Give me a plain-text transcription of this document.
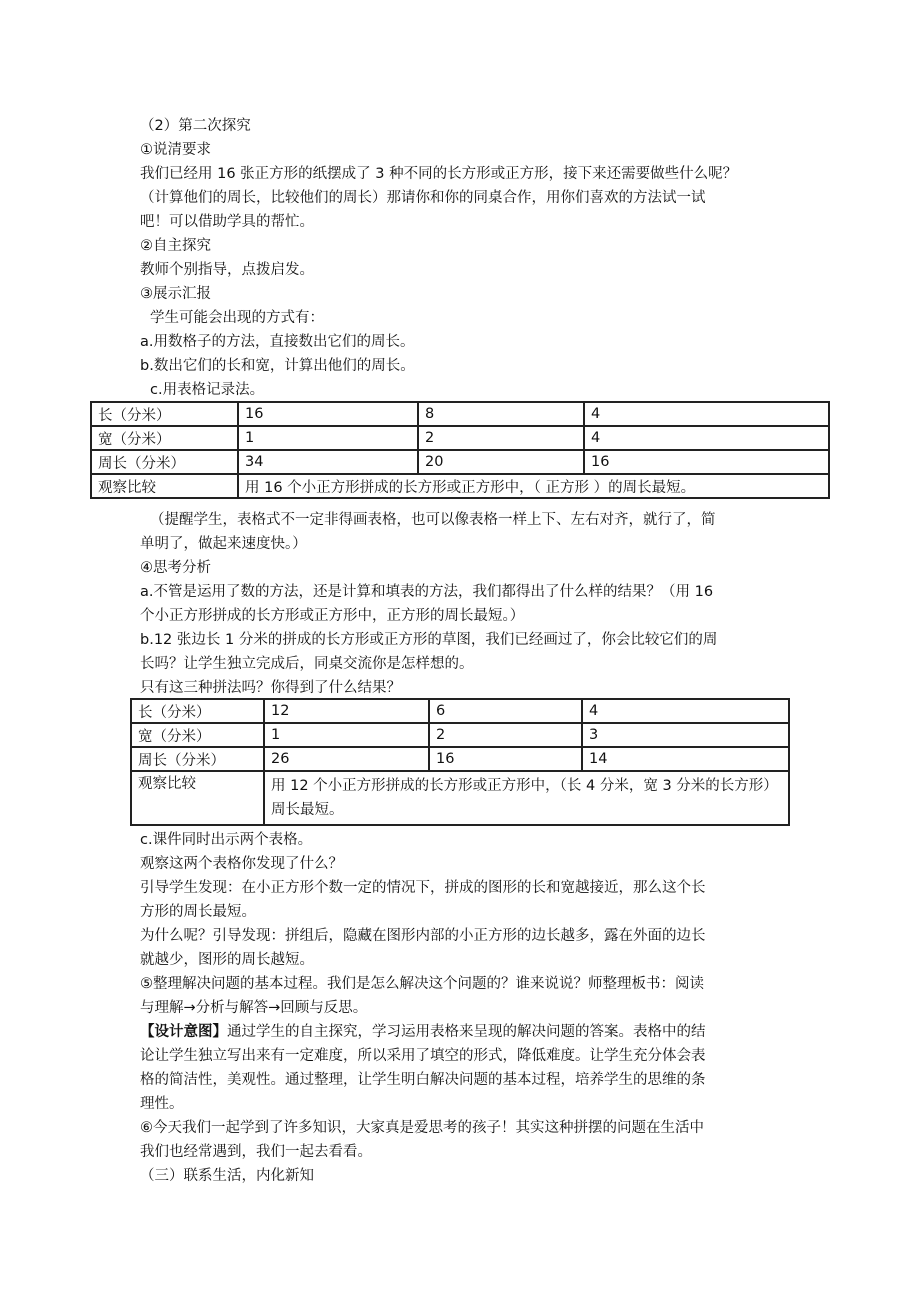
（2）第二次探究
①说清要求
我们已经用 16 张正方形的纸摆成了 3 种不同的长方形或正方形，接下来还需要做些什么呢？
（计算他们的周长，比较他们的周长）那请你和你的同桌合作，用你们喜欢的方法试一试
吧！可以借助学具的帮忙。
②自主探究
教师个别指导，点拨启发。
③展示汇报
学生可能会出现的方式有：
a.用数格子的方法，直接数出它们的周长。
b.数出它们的长和宽，计算出他们的周长。
c.用表格记录法。
长（分米）	16	8	4
宽（分米）	1	2	4
周长（分米）	34	20	16
观察比较	用 16 个小正方形拼成的长方形或正方形中，（ 正方形 ）的周长最短。		
（提醒学生，表格式不一定非得画表格，也可以像表格一样上下、左右对齐，就行了，简
单明了，做起来速度快。）
④思考分析
a.不管是运用了数的方法，还是计算和填表的方法，我们都得出了什么样的结果？（用 16
个小正方形拼成的长方形或正方形中，正方形的周长最短。）
b.12 张边长 1 分米的拼成的长方形或正方形的草图，我们已经画过了，你会比较它们的周
长吗？让学生独立完成后，同桌交流你是怎样想的。
只有这三种拼法吗？你得到了什么结果？
长（分米）	12	6	4
宽（分米）	1	2	3
周长（分米）	26	16	14
观察比较	用 12 个小正方形拼成的长方形或正方形中，（长 4 分米，宽 3 分米的长方形）周长最短。		
c.课件同时出示两个表格。
观察这两个表格你发现了什么？
引导学生发现：在小正方形个数一定的情况下，拼成的图形的长和宽越接近，那么这个长
方形的周长最短。
为什么呢？引导发现：拼组后，隐藏在图形内部的小正方形的边长越多，露在外面的边长
就越少，图形的周长越短。
⑤整理解决问题的基本过程。我们是怎么解决这个问题的？谁来说说？师整理板书：阅读
与理解→分析与解答→回顾与反思。
【设计意图】通过学生的自主探究，学习运用表格来呈现的解决问题的答案。表格中的结
论让学生独立写出来有一定难度，所以采用了填空的形式，降低难度。让学生充分体会表
格的简洁性，美观性。通过整理，让学生明白解决问题的基本过程，培养学生的思维的条
理性。
⑥今天我们一起学到了许多知识，大家真是爱思考的孩子！其实这种拼摆的问题在生活中
我们也经常遇到，我们一起去看看。
（三）联系生活，内化新知
